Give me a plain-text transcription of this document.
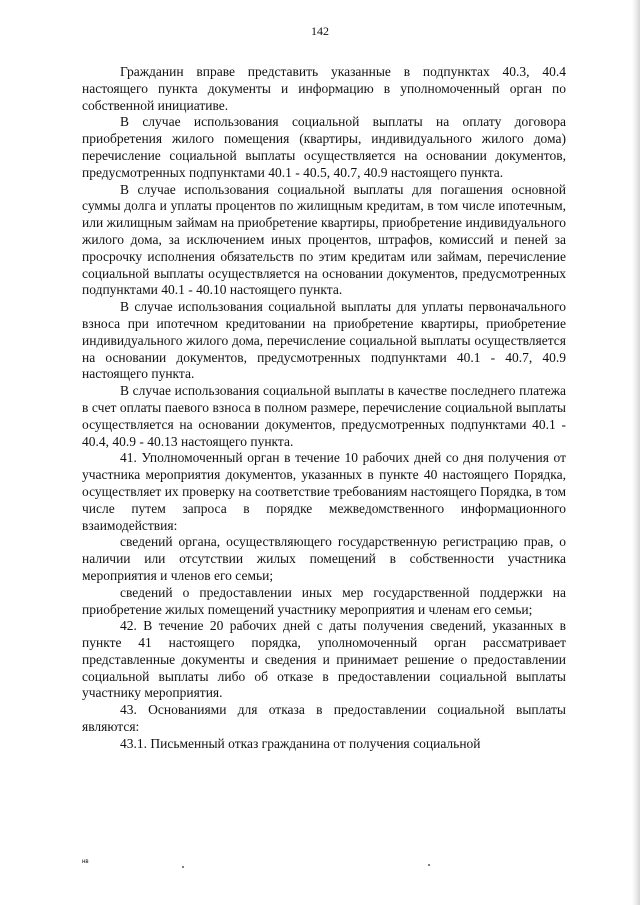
142

Гражданин вправе представить указанные в подпунктах 40.3, 40.4 настоящего пункта документы и информацию в уполномоченный орган по собственной инициативе.

В случае использования социальной выплаты на оплату договора приобретения жилого помещения (квартиры, индивидуального жилого дома) перечисление социальной выплаты осуществляется на основании документов, предусмотренных подпунктами 40.1 - 40.5, 40.7, 40.9 настоящего пункта.

В случае использования социальной выплаты для погашения основной суммы долга и уплаты процентов по жилищным кредитам, в том числе ипотечным, или жилищным займам на приобретение квартиры, приобретение индивидуального жилого дома, за исключением иных процентов, штрафов, комиссий и пеней за просрочку исполнения обязательств по этим кредитам или займам, перечисление социальной выплаты осуществляется на основании документов, предусмотренных подпунктами 40.1 - 40.10 настоящего пункта.

В случае использования социальной выплаты для уплаты первоначального взноса при ипотечном кредитовании на приобретение квартиры, приобретение индивидуального жилого дома, перечисление социальной выплаты осуществляется на основании документов, предусмотренных подпунктами 40.1 - 40.7, 40.9 настоящего пункта.

В случае использования социальной выплаты в качестве последнего платежа в счет оплаты паевого взноса в полном размере, перечисление социальной выплаты осуществляется на основании документов, предусмотренных подпунктами 40.1 - 40.4, 40.9 - 40.13 настоящего пункта.

41. Уполномоченный орган в течение 10 рабочих дней со дня получения от участника мероприятия документов, указанных в пункте 40 настоящего Порядка, осуществляет их проверку на соответствие требованиям настоящего Порядка, в том числе путем запроса в порядке межведомственного информационного взаимодействия:

сведений органа, осуществляющего государственную регистрацию прав, о наличии или отсутствии жилых помещений в собственности участника мероприятия и членов его семьи;

сведений о предоставлении иных мер государственной поддержки на приобретение жилых помещений участнику мероприятия и членам его семьи;

42. В течение 20 рабочих дней с даты получения сведений, указанных в пункте 41 настоящего порядка, уполномоченный орган рассматривает представленные документы и сведения и принимает решение о предоставлении социальной выплаты либо об отказе в предоставлении социальной выплаты участнику мероприятия.

43. Основаниями для отказа в предоставлении социальной выплаты являются:

43.1. Письменный отказ гражданина от получения социальной

нв
